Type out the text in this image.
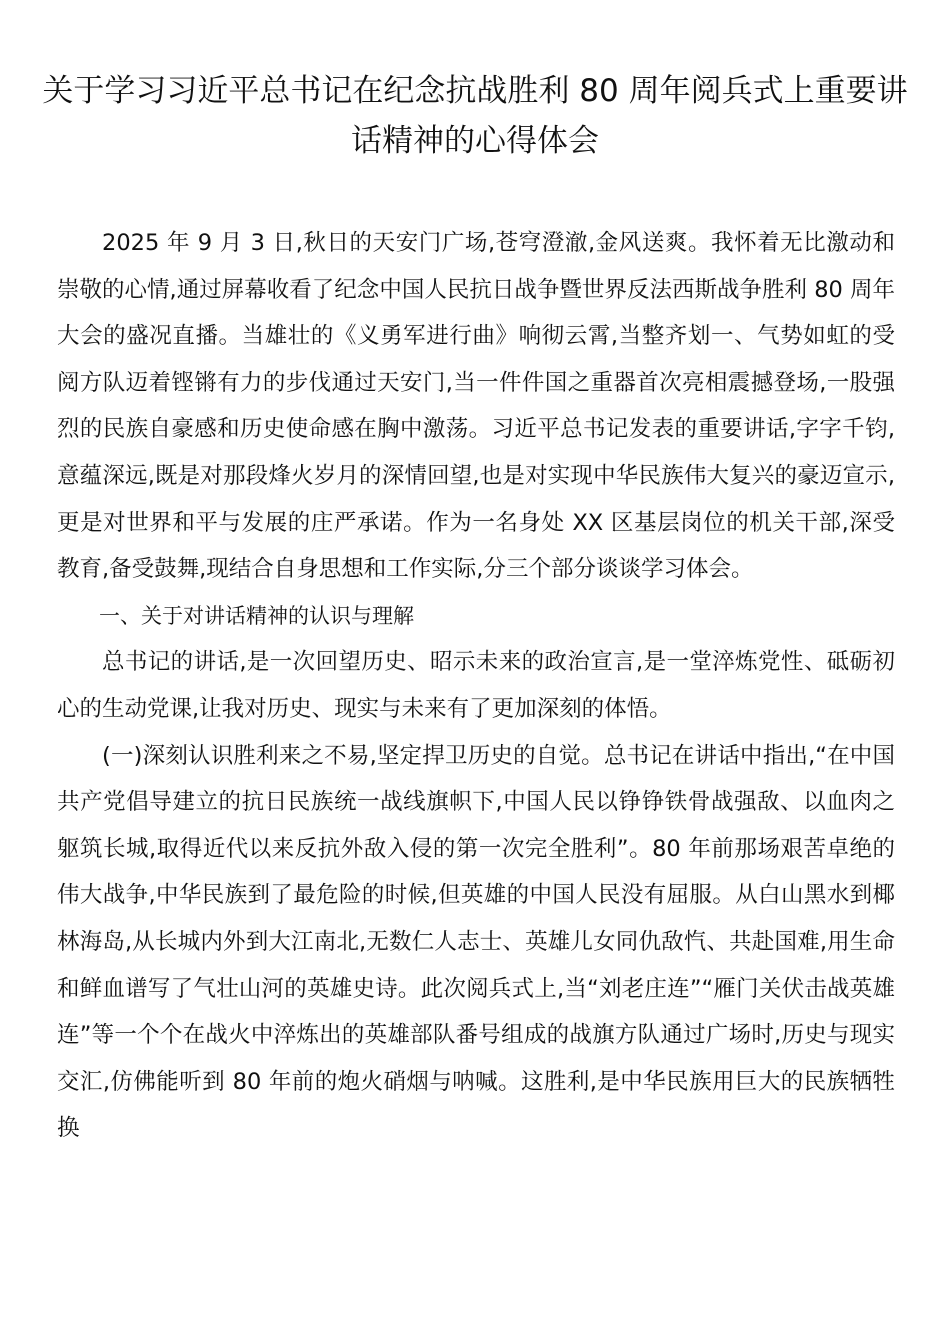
关于学习习近平总书记在纪念抗战胜利 80 周年阅兵式上重要讲话精神的心得体会

2025 年 9 月 3 日,秋日的天安门广场,苍穹澄澈,金风送爽。我怀着无比激动和崇敬的心情,通过屏幕收看了纪念中国人民抗日战争暨世界反法西斯战争胜利 80 周年大会的盛况直播。当雄壮的《义勇军进行曲》响彻云霄,当整齐划一、气势如虹的受阅方队迈着铿锵有力的步伐通过天安门,当一件件国之重器首次亮相震撼登场,一股强烈的民族自豪感和历史使命感在胸中激荡。习近平总书记发表的重要讲话,字字千钧,意蕴深远,既是对那段烽火岁月的深情回望,也是对实现中华民族伟大复兴的豪迈宣示,更是对世界和平与发展的庄严承诺。作为一名身处 XX 区基层岗位的机关干部,深受教育,备受鼓舞,现结合自身思想和工作实际,分三个部分谈谈学习体会。

一、关于对讲话精神的认识与理解

总书记的讲话,是一次回望历史、昭示未来的政治宣言,是一堂淬炼党性、砥砺初心的生动党课,让我对历史、现实与未来有了更加深刻的体悟。

(一)深刻认识胜利来之不易,坚定捍卫历史的自觉。总书记在讲话中指出,“在中国共产党倡导建立的抗日民族统一战线旗帜下,中国人民以铮铮铁骨战强敌、以血肉之躯筑长城,取得近代以来反抗外敌入侵的第一次完全胜利”。80 年前那场艰苦卓绝的伟大战争,中华民族到了最危险的时候,但英雄的中国人民没有屈服。从白山黑水到椰林海岛,从长城内外到大江南北,无数仁人志士、英雄儿女同仇敌忾、共赴国难,用生命和鲜血谱写了气壮山河的英雄史诗。此次阅兵式上,当“刘老庄连”“雁门关伏击战英雄连”等一个个在战火中淬炼出的英雄部队番号组成的战旗方队通过广场时,历史与现实交汇,仿佛能听到 80 年前的炮火硝烟与呐喊。这胜利,是中华民族用巨大的民族牺牲换
